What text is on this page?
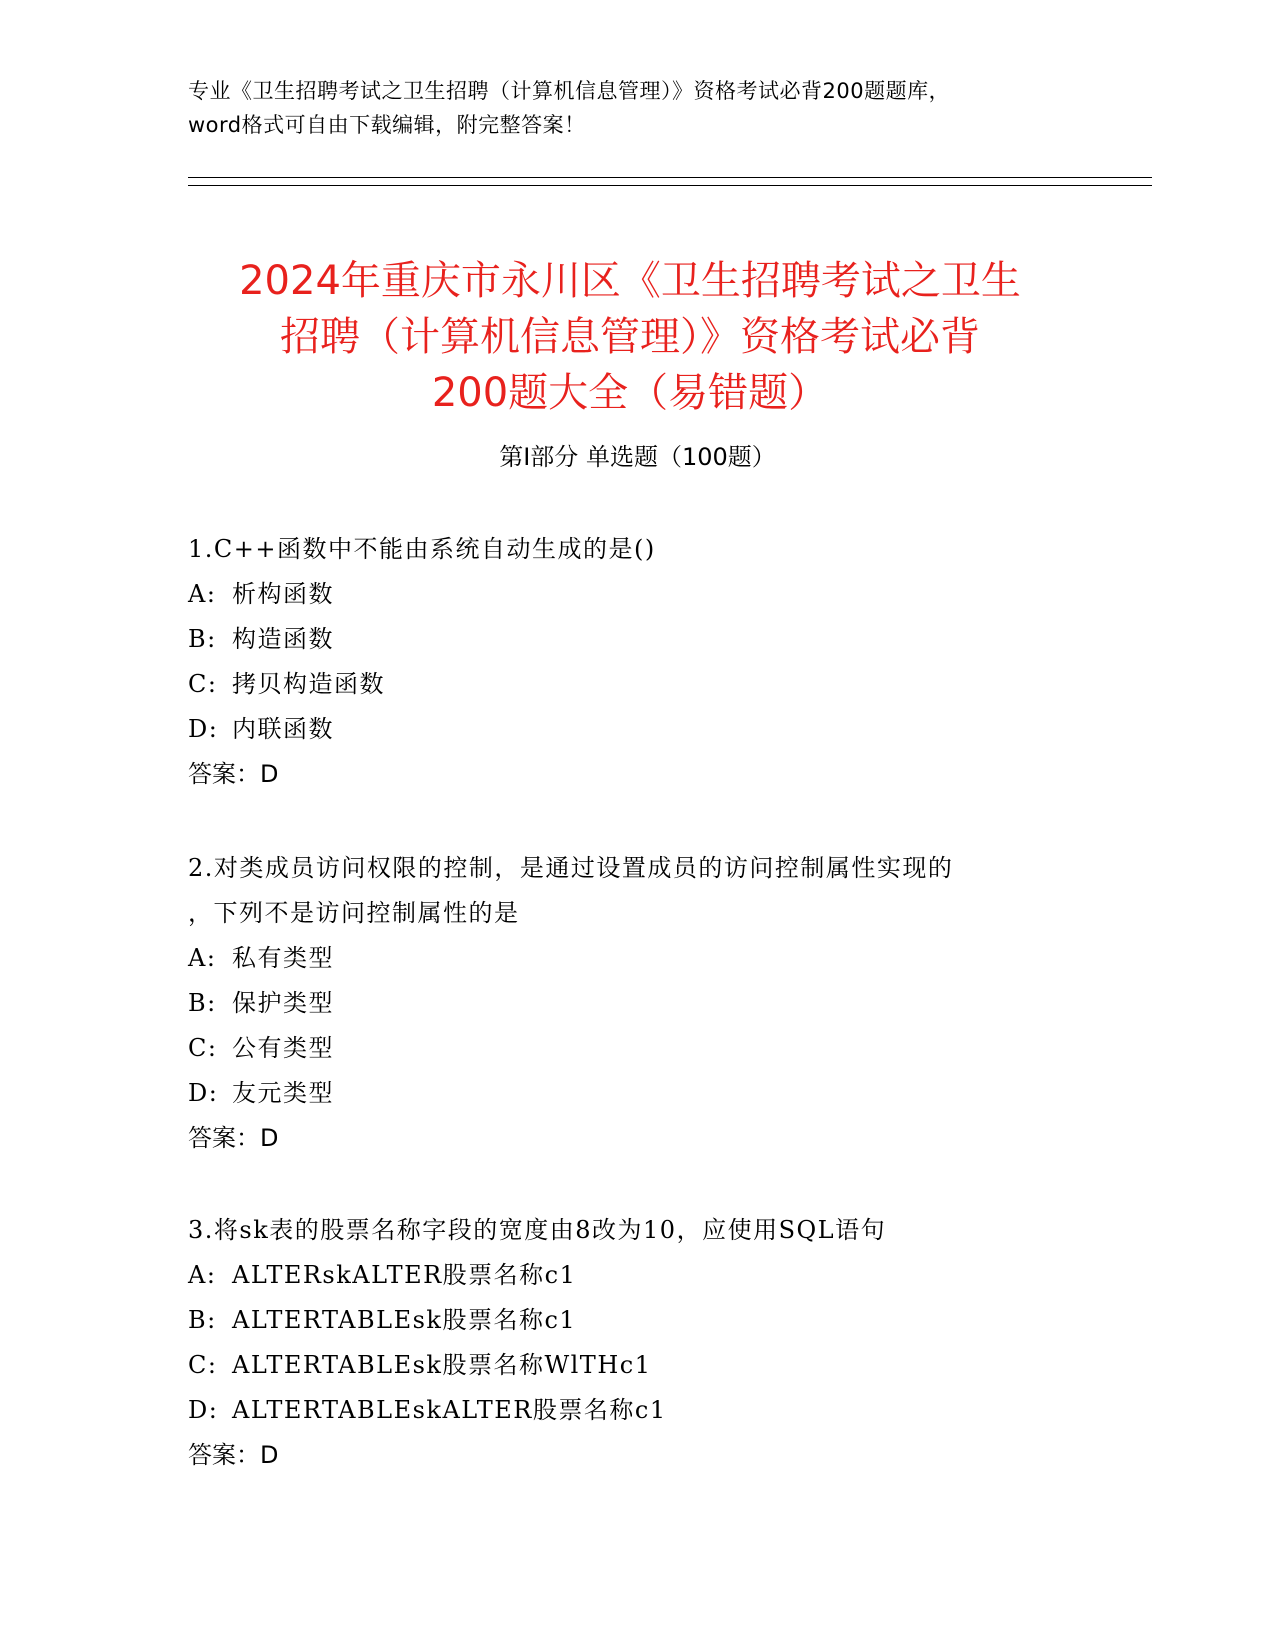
专业《卫生招聘考试之卫生招聘（计算机信息管理）》资格考试必背200题题库，
word格式可自由下载编辑，附完整答案！
2024年重庆市永川区《卫生招聘考试之卫生
招聘（计算机信息管理）》资格考试必背
200题大全（易错题）
第I部分 单选题（100题）
1.C++函数中不能由系统自动生成的是()
A: 析构函数
B: 构造函数
C: 拷贝构造函数
D: 内联函数
答案：D
2.对类成员访问权限的控制，是通过设置成员的访问控制属性实现的
，下列不是访问控制属性的是
A: 私有类型
B: 保护类型
C: 公有类型
D: 友元类型
答案：D
3.将sk表的股票名称字段的宽度由8改为10，应使用SQL语句
A: ALTERskALTER股票名称c1
B: ALTERTABLEsk股票名称c1
C: ALTERTABLEsk股票名称WlTHc1
D: ALTERTABLEskALTER股票名称c1
答案：D
